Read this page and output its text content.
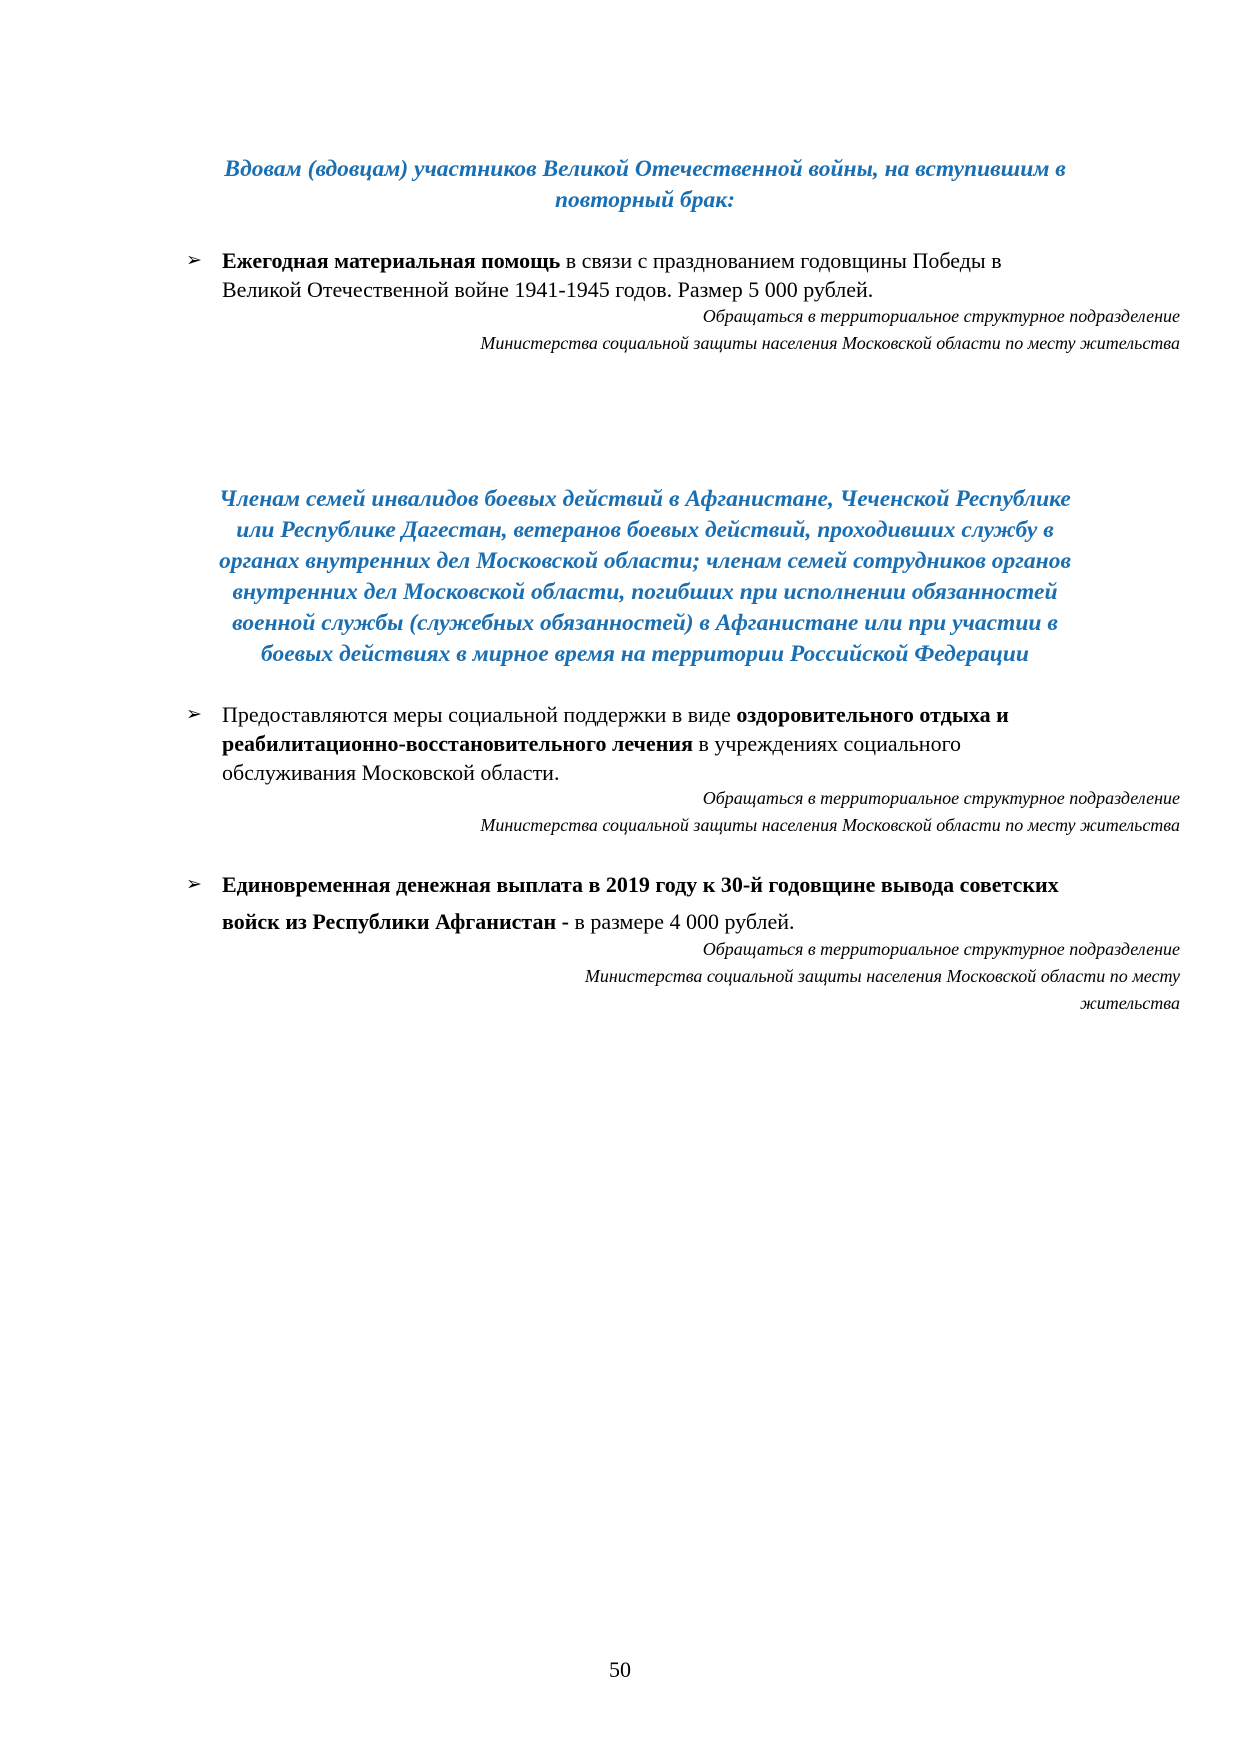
Вдовам (вдовцам) участников Великой Отечественной войны, на вступившим в
повторный брак:
➢ Ежегодная материальная помощь в связи с празднованием годовщины Победы в
Великой Отечественной войне 1941-1945 годов. Размер 5 000 рублей.
Обращаться в территориальное структурное подразделение
Министерства социальной защиты населения Московской области по месту жительства
Членам семей инвалидов боевых действий в Афганистане, Чеченской Республике
или Республике Дагестан, ветеранов боевых действий, проходивших службу в
органах внутренних дел Московской области; членам семей сотрудников органов
внутренних дел Московской области, погибших при исполнении обязанностей
военной службы (служебных обязанностей) в Афганистане или при участии в
боевых действиях в мирное время на территории Российской Федерации
➢ Предоставляются меры социальной поддержки в виде оздоровительного отдыха и
реабилитационно-восстановительного лечения в учреждениях социального
обслуживания Московской области.
Обращаться в территориальное структурное подразделение
Министерства социальной защиты населения Московской области по месту жительства
➢ Единовременная денежная выплата в 2019 году к 30-й годовщине вывода советских
войск из Республики Афганистан - в размере 4 000 рублей.
Обращаться в территориальное структурное подразделение
Министерства социальной защиты населения Московской области по месту
жительства
50
